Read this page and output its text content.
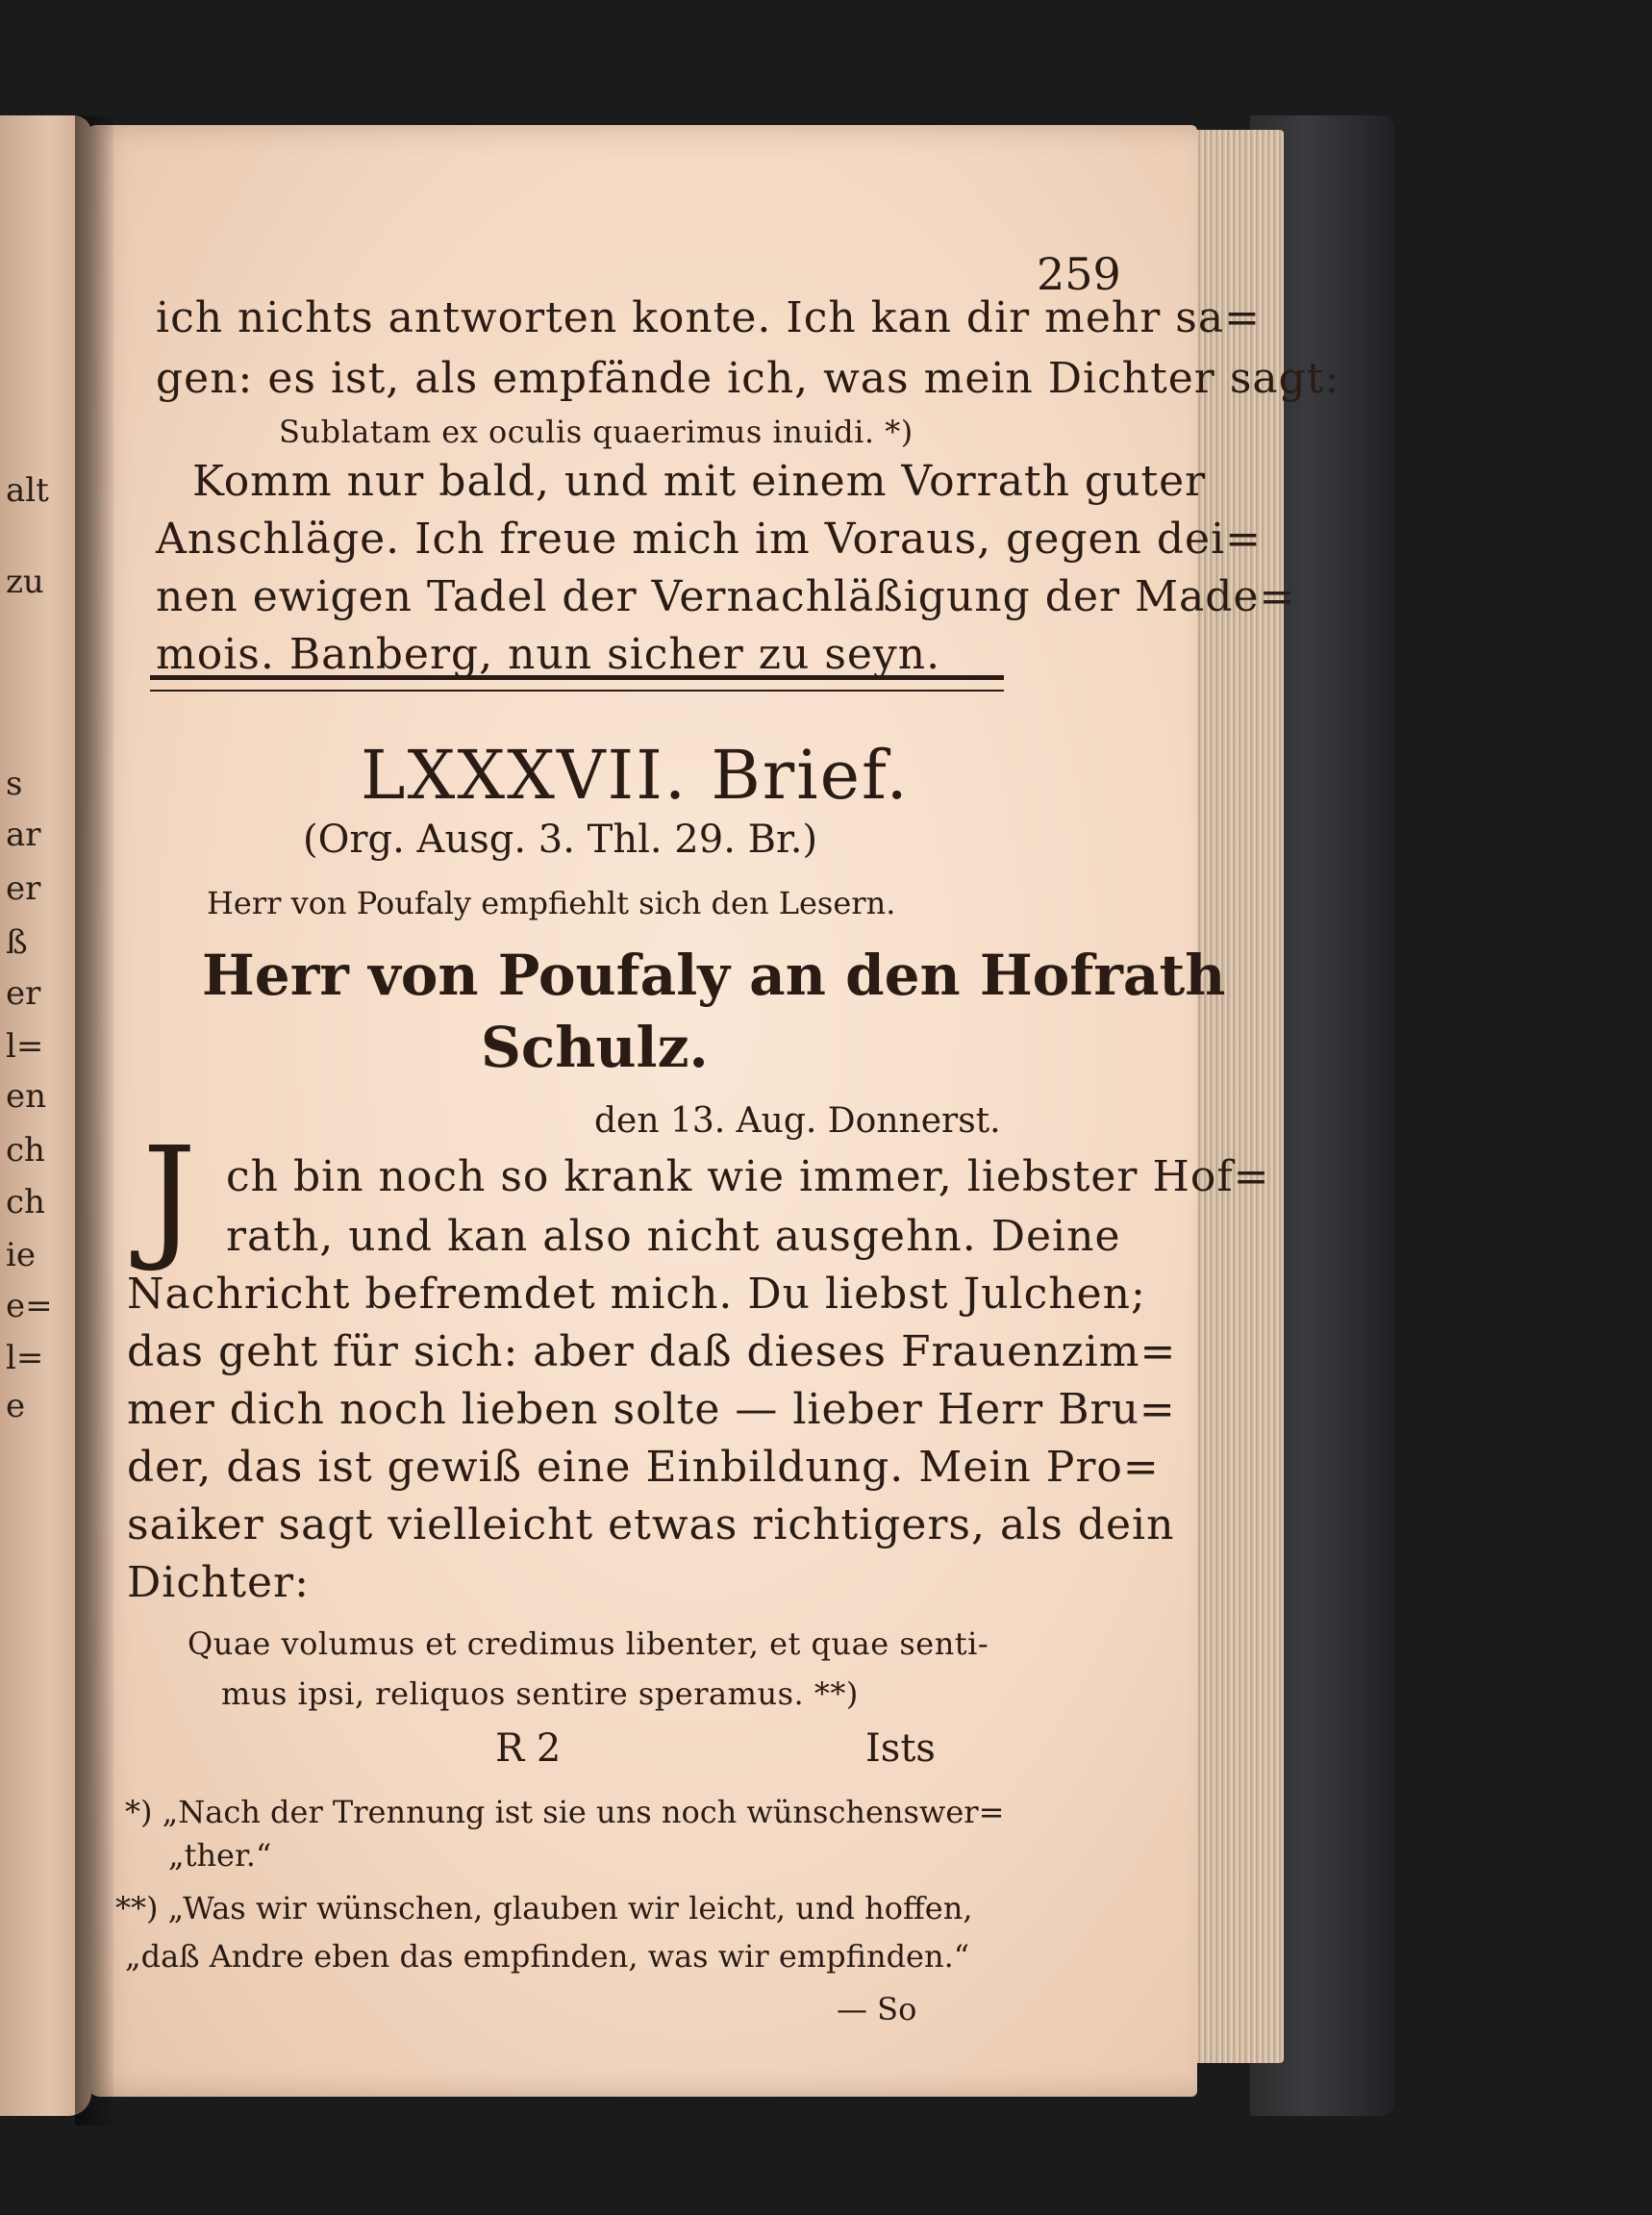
alt
zu
s
ar
er
ß
er
l=
en
ch
ch
ie
e=
l=
e
259
ich nichts antworten konte. Ich kan dir mehr sa=
gen: es ist, als empfände ich, was mein Dichter sagt:
Sublatam ex oculis quaerimus inuidi. *)
Komm nur bald, und mit einem Vorrath guter
Anschläge. Ich freue mich im Voraus, gegen dei=
nen ewigen Tadel der Vernachläßigung der Made=
mois. Banberg, nun sicher zu seyn.
LXXXVII. Brief.
(Org. Ausg. 3. Thl. 29. Br.)
Herr von Poufaly empfiehlt sich den Lesern.
Herr von Poufaly an den Hofrath
Schulz.
den 13. Aug. Donnerst.
J ch bin noch so krank wie immer, liebster Hof=
rath, und kan also nicht ausgehn. Deine
Nachricht befremdet mich. Du liebst Julchen;
das geht für sich: aber daß dieses Frauenzim=
mer dich noch lieben solte — lieber Herr Bru=
der, das ist gewiß eine Einbildung. Mein Pro=
saiker sagt vielleicht etwas richtigers, als dein
Dichter:
Quae volumus et credimus libenter, et quae senti-
mus ipsi, reliquos sentire speramus. **)
R 2	Ists
*) „Nach der Trennung ist sie uns noch wünschenswer=
„ther.“
**) „Was wir wünschen, glauben wir leicht, und hoffen,
„daß Andre eben das empfinden, was wir empfinden.“
— So
